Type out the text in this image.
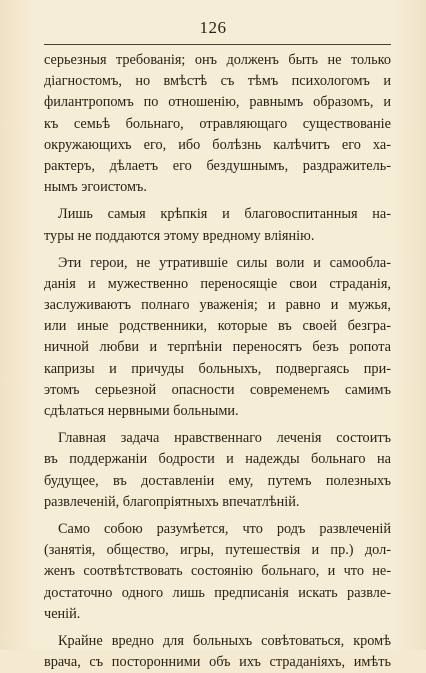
126
серьезныя требованія; онъ долженъ быть не только
діагностомъ, но вмѣстѣ съ тѣмъ психологомъ и
филантропомъ по отношенію, равнымъ образомъ, и
къ семьѣ больнаго, отравляющаго существованіе
окружающихъ его, ибо болѣзнь калѣчитъ его ха-
рактеръ, дѣлаетъ его бездушнымъ, раздражитель-
нымъ эгоистомъ.
Лишь самыя крѣпкія и благовоспитанныя на-
туры не поддаются этому вредному вліянію.
Эти герои, не утратившіе силы воли и самообла-
данія и мужественно переносящіе свои страданія,
заслуживаютъ полнаго уваженія; и равно и мужья,
или иные родственники, которые въ своей безгра-
ничной любви и терпѣніи переносятъ безъ ропота
капризы и причуды больныхъ, подвергаясь при-
этомъ серьезной опасности современемъ самимъ
сдѣлаться нервными больными.
Главная задача нравственнаго леченія состоитъ
въ поддержаніи бодрости и надежды больнаго на
будущее, въ доставленіи ему, путемъ полезныхъ
развлеченій, благопріятныхъ впечатлѣній.
Само собою разумѣется, что родъ развлеченій
(занятія, общество, игры, путешествія и пр.) дол-
женъ соотвѣтствовать состоянію больнаго, и что не-
достаточно одного лишь предписанія искать развле-
ченій.
Крайне вредно для больныхъ совѣтоваться, кромѣ
врача, съ посторонними объ ихъ страданіяхъ, имѣть
